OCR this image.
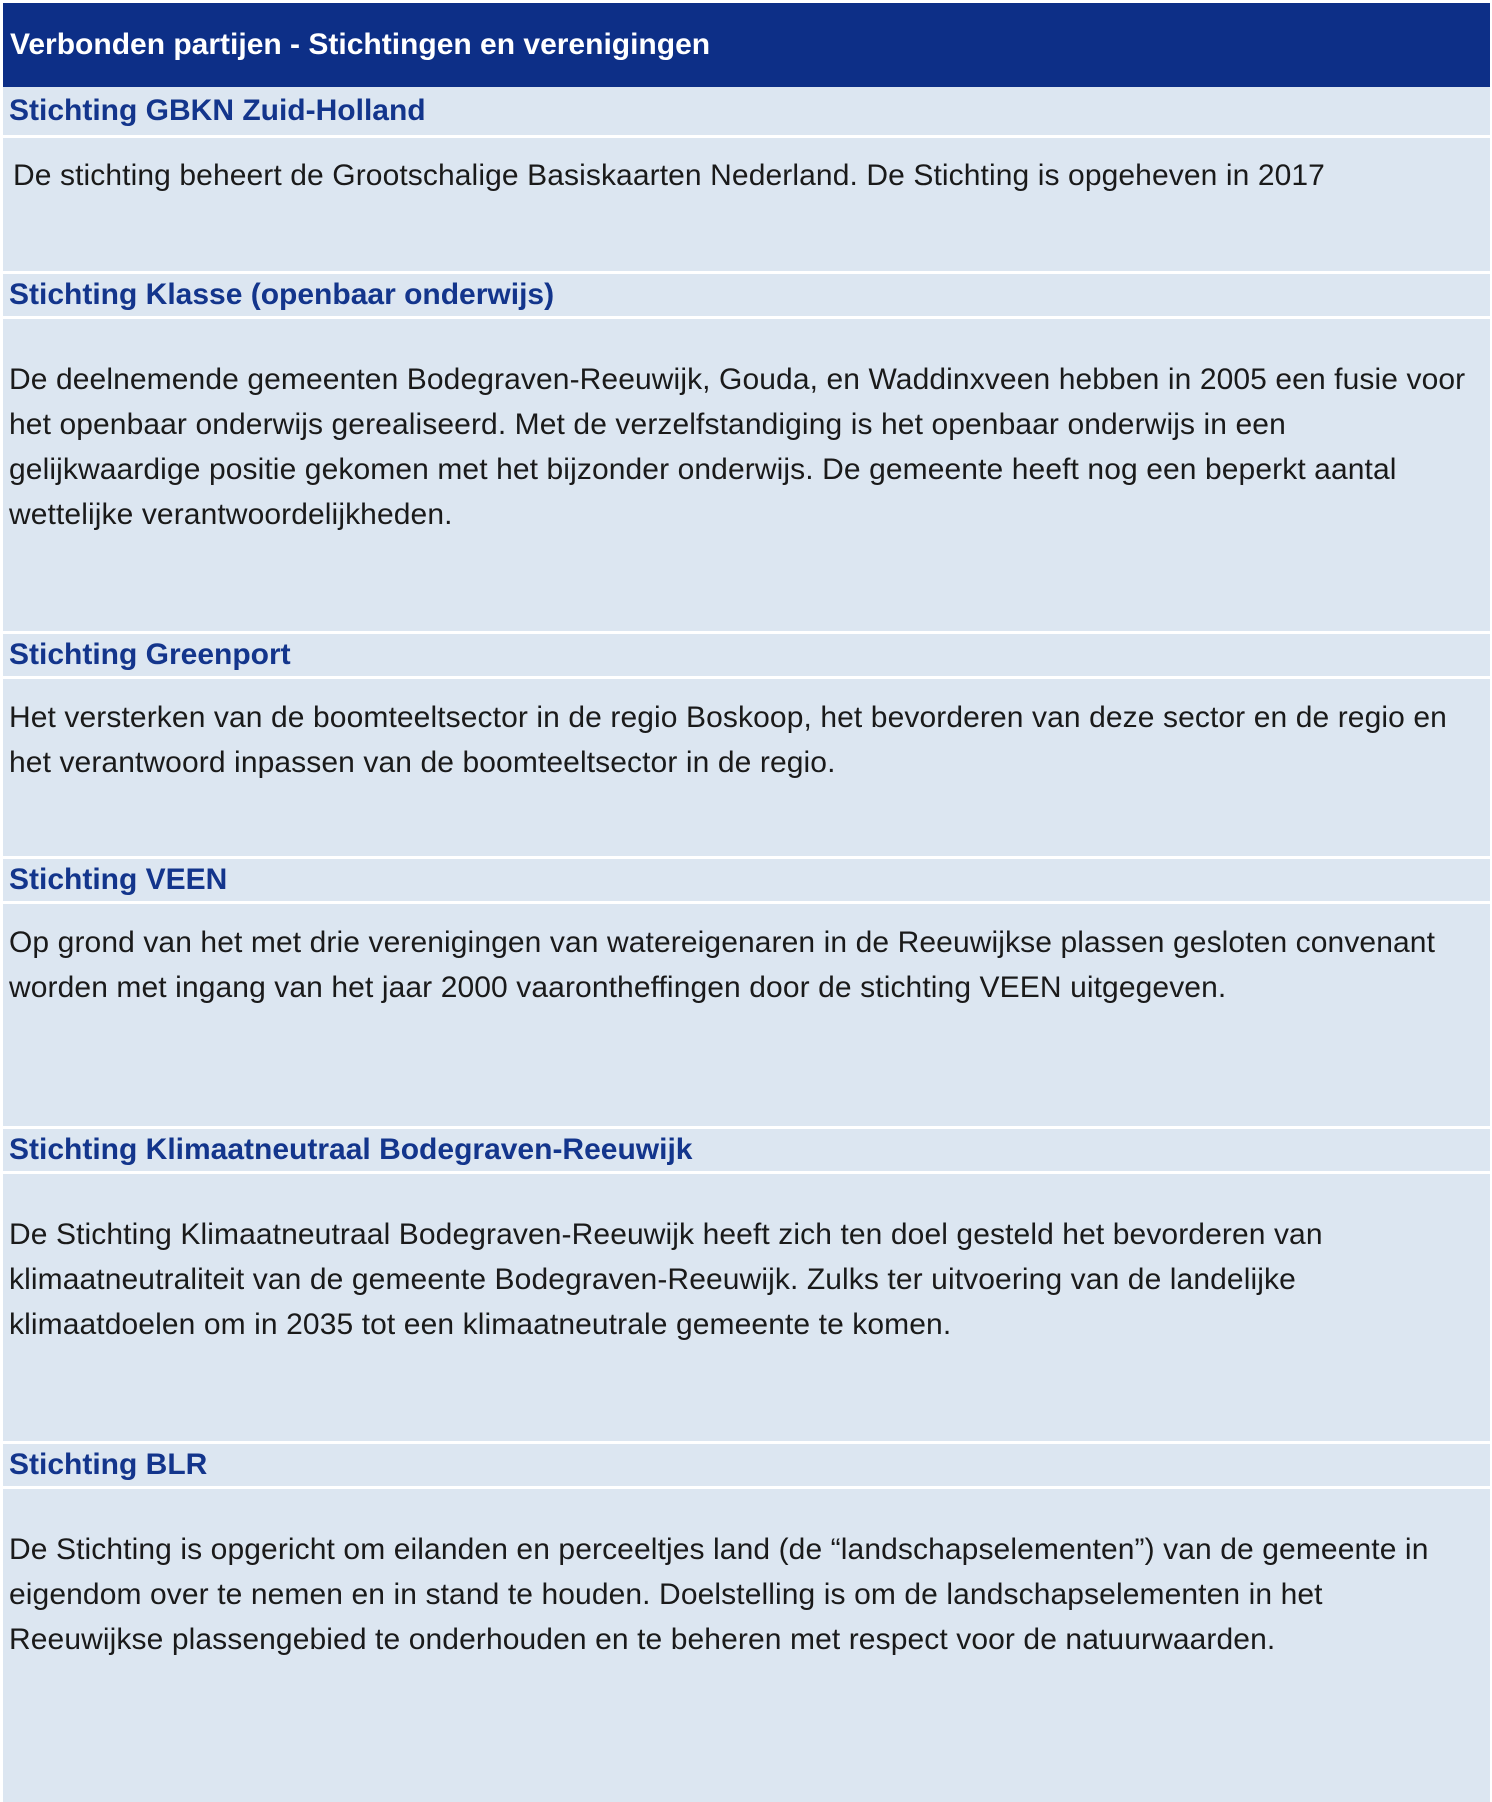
Verbonden partijen - Stichtingen en verenigingen
Stichting GBKN Zuid-Holland
De stichting beheert de Grootschalige Basiskaarten Nederland. De Stichting is opgeheven in 2017
Stichting Klasse (openbaar onderwijs)
De deelnemende gemeenten Bodegraven-Reeuwijk, Gouda, en Waddinxveen hebben in 2005 een fusie voor het openbaar onderwijs gerealiseerd. Met de verzelfstandiging is het openbaar onderwijs in een gelijkwaardige positie gekomen met het bijzonder onderwijs. De gemeente heeft nog een beperkt aantal wettelijke verantwoordelijkheden.
Stichting Greenport
Het versterken van de boomteeltsector in de regio Boskoop, het bevorderen van deze sector en de regio en het verantwoord inpassen van de boomteeltsector in de regio.
Stichting VEEN
Op grond van het met drie verenigingen van watereigenaren in de Reeuwijkse plassen gesloten convenant worden met ingang van het jaar 2000 vaarontheffingen door de stichting VEEN uitgegeven.
Stichting Klimaatneutraal Bodegraven-Reeuwijk
De Stichting Klimaatneutraal Bodegraven-Reeuwijk heeft zich ten doel gesteld het bevorderen van klimaatneutraliteit van de gemeente Bodegraven-Reeuwijk. Zulks ter uitvoering van de landelijke klimaatdoelen om in 2035 tot een klimaatneutrale gemeente te komen.
Stichting BLR
De Stichting is opgericht om eilanden en perceeltjes land (de “landschapselementen”) van de gemeente in eigendom over te nemen en in stand te houden. Doelstelling is om de landschapselementen in het Reeuwijkse plassengebied te onderhouden en te beheren met respect voor de natuurwaarden.
